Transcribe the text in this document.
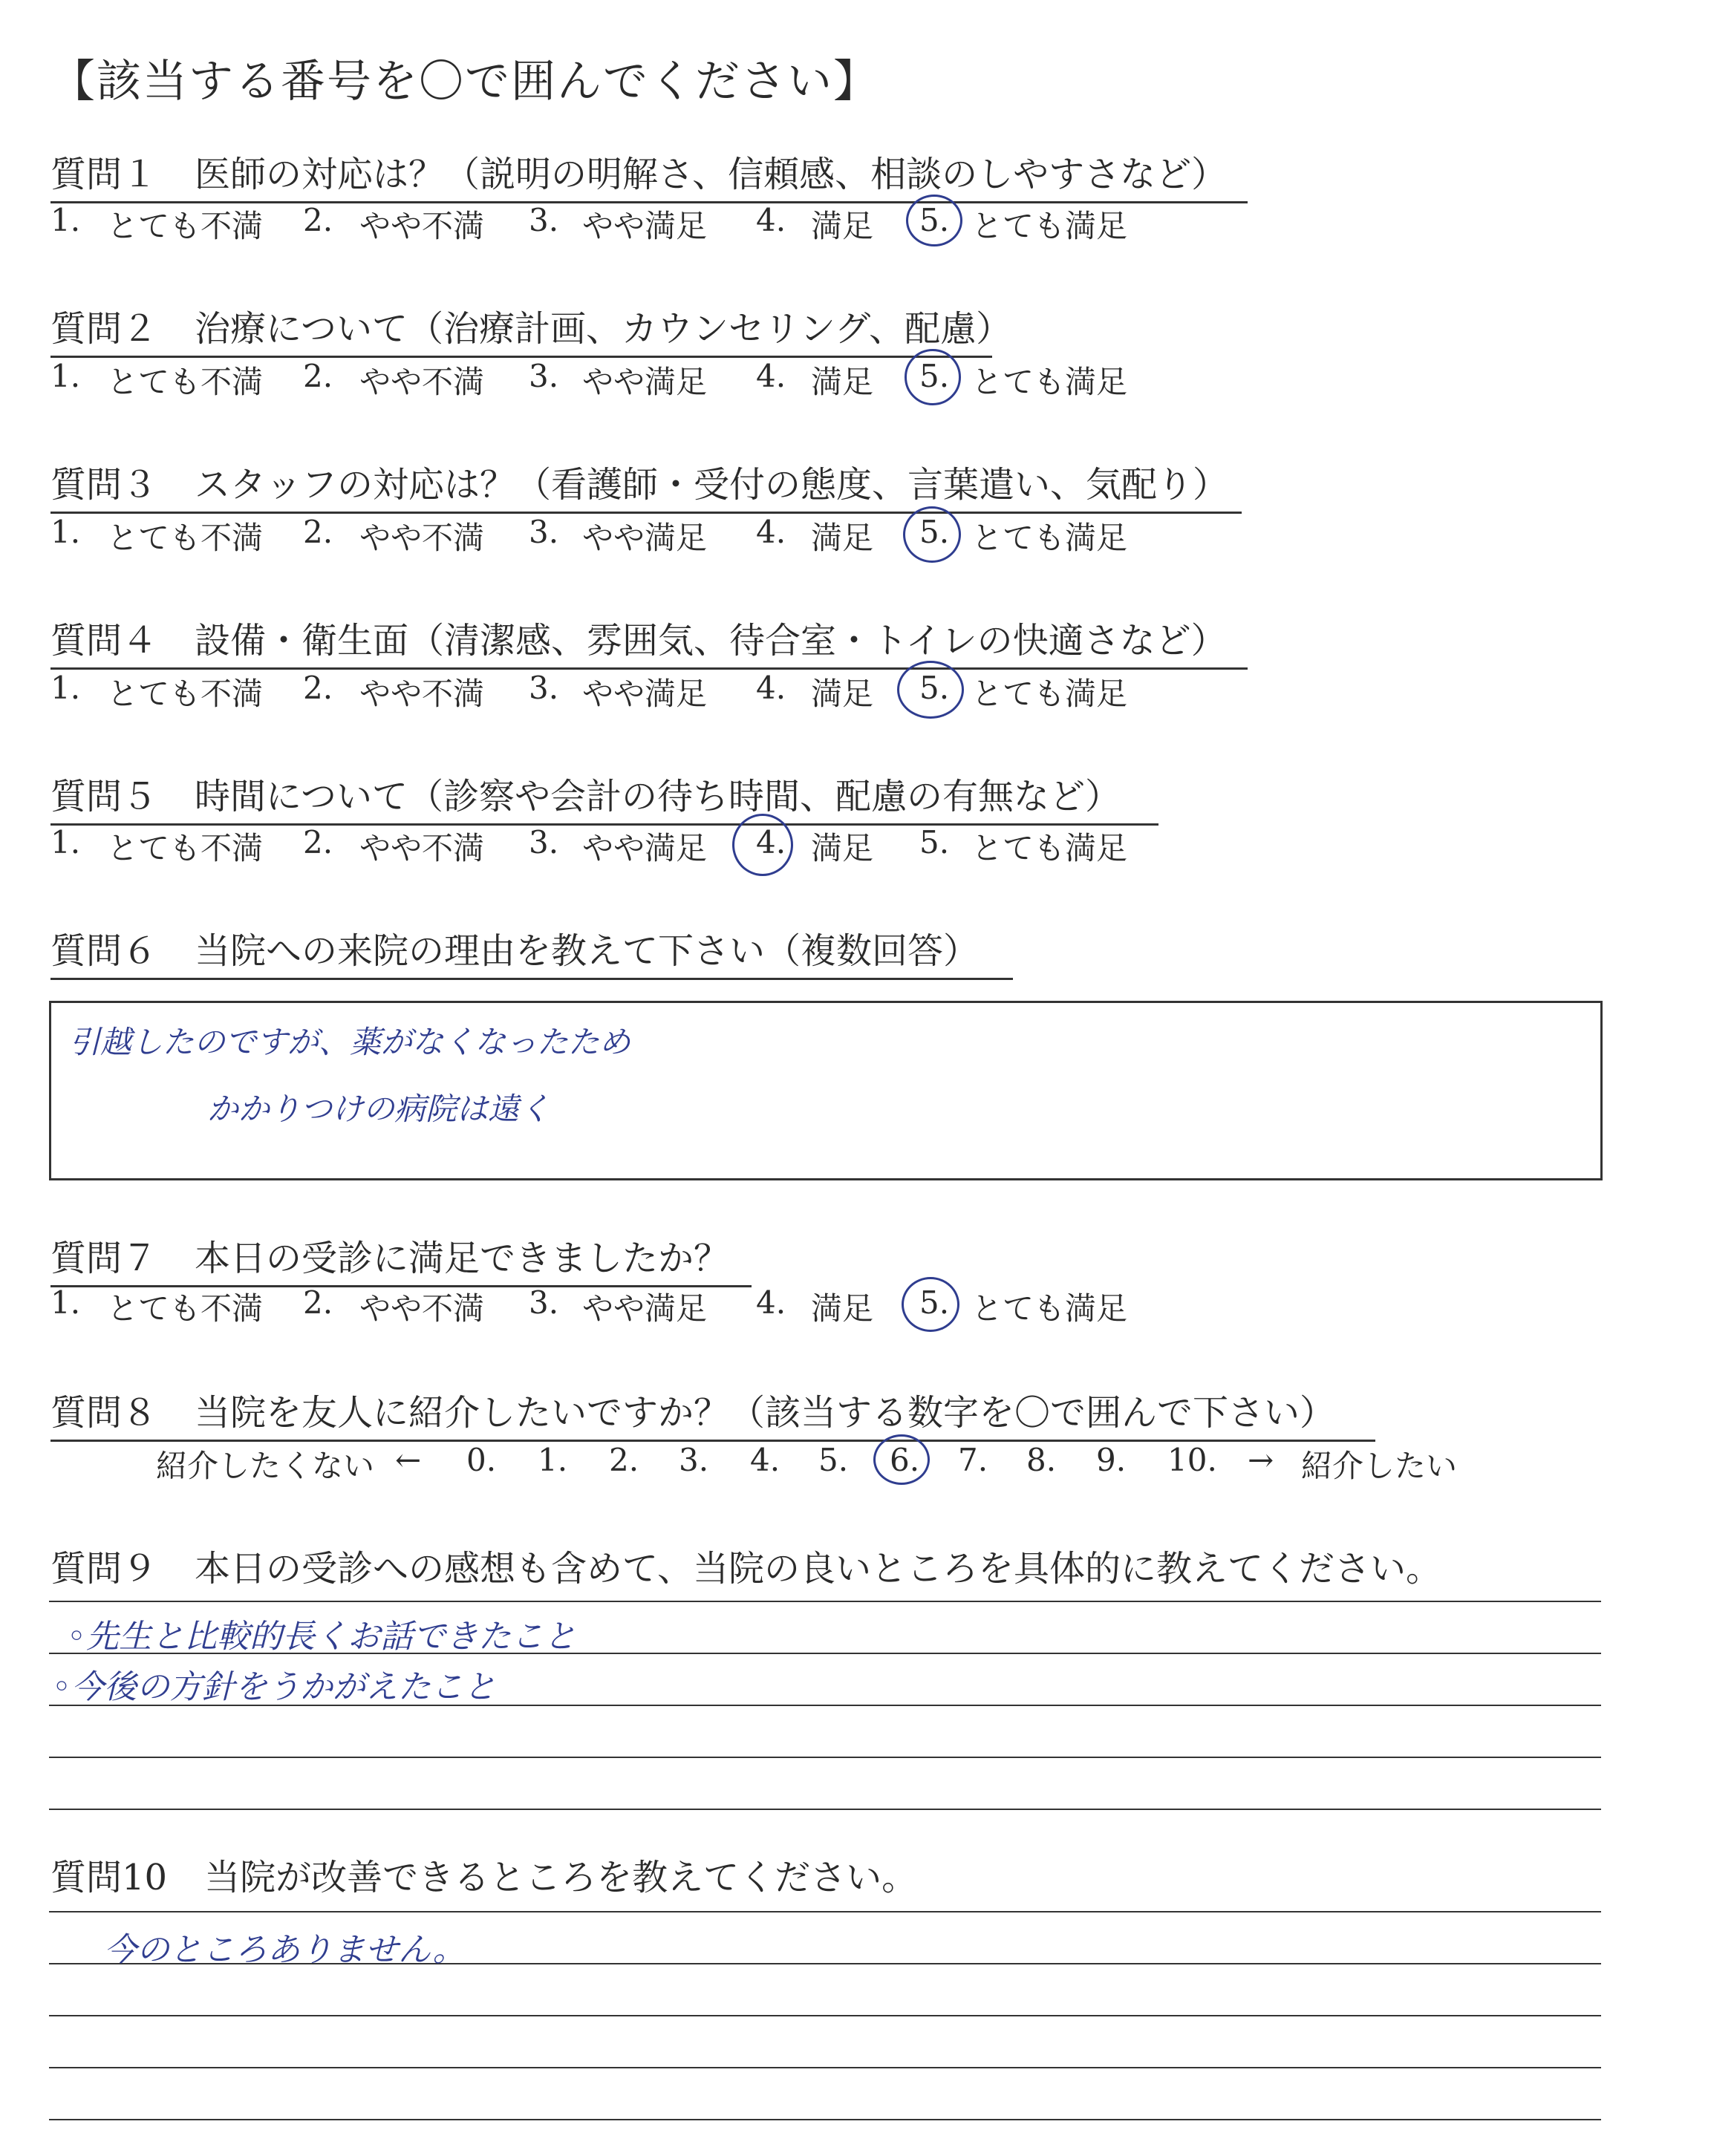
【該当する番号を〇で囲んでください】
質問１ 医師の対応は？（説明の明解さ、信頼感、相談のしやすさなど）
1. とても不満 2. やや不満 3. やや満足 4. 満足 5. とても満足
質問２ 治療について（治療計画、カウンセリング、配慮）
1. とても不満 2. やや不満 3. やや満足 4. 満足 5. とても満足
質問３ スタッフの対応は？（看護師・受付の態度、言葉遣い、気配り）
1. とても不満 2. やや不満 3. やや満足 4. 満足 5. とても満足
質問４ 設備・衛生面（清潔感、雰囲気、待合室・トイレの快適さなど）
1. とても不満 2. やや不満 3. やや満足 4. 満足 5. とても満足
質問５ 時間について（診察や会計の待ち時間、配慮の有無など）
1. とても不満 2. やや不満	4. 満足
3. やや満足	5. とても満足
質問６ 当院への来院の理由を教えて下さい（複数回答）
引越したのですが、薬がなくなったため
かかりつけの病院は遠く
質問７ 本日の受診に満足できましたか？
1. とても不満 2. やや不満 3. やや満足 4. 満足 5. とても満足
質問８ 当院を友人に紹介したいですか？（該当する数字を〇で囲んで下さい）
紹介したくない ← 0. 1. 2. 3. 4. 5. 6. 7. 8. 9. 10. → 紹介したい
質問９ 本日の受診への感想も含めて、当院の良いところを具体的に教えてください。
◦先生と比較的長くお話できたこと
◦今後の方針をうかがえたこと
質問10 当院が改善できるところを教えてください。
今のところありません。
